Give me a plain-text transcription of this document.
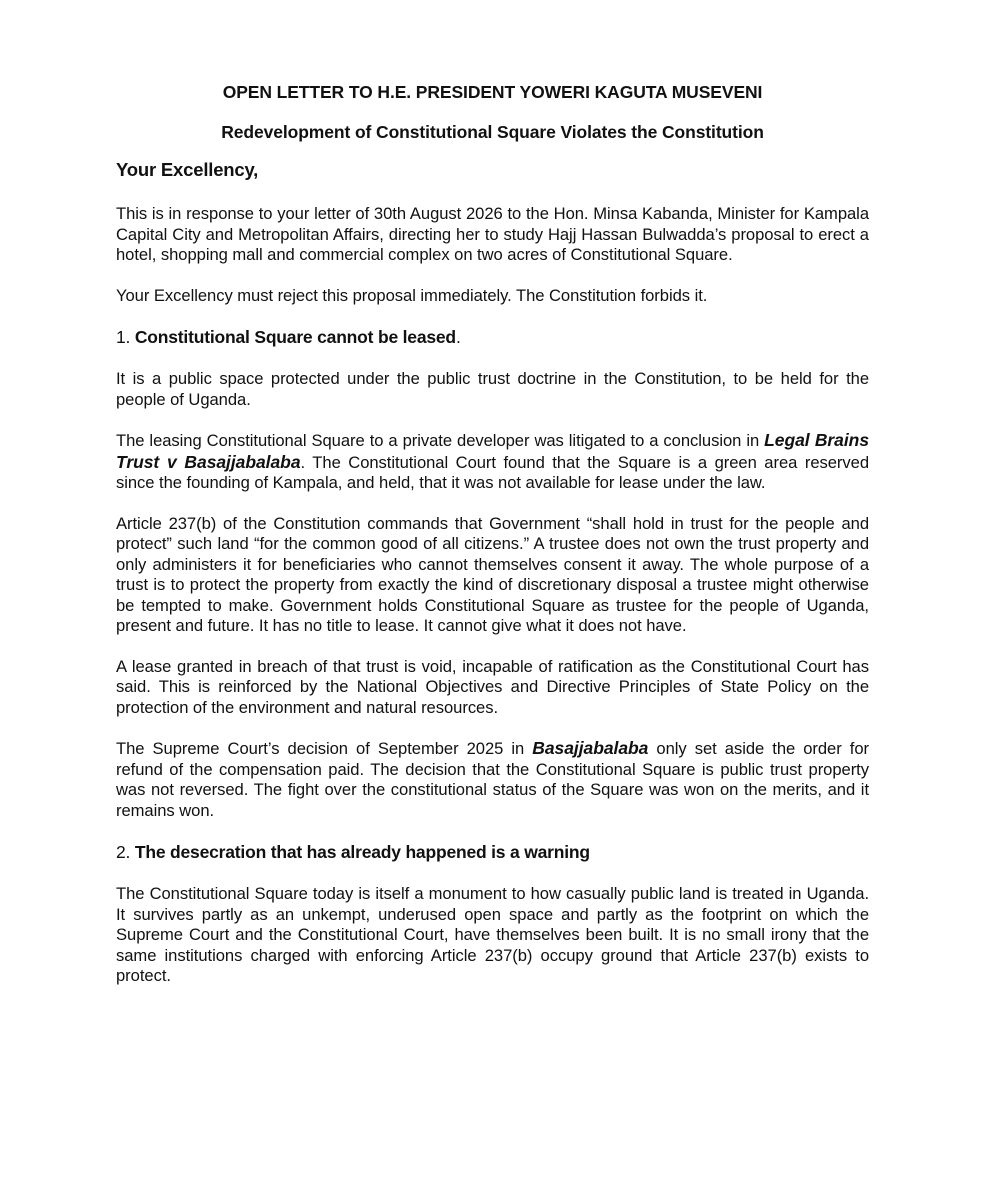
OPEN LETTER TO H.E. PRESIDENT YOWERI KAGUTA MUSEVENI
Redevelopment of Constitutional Square Violates the Constitution
Your Excellency,

This is in response to your letter of 30th August 2026 to the Hon. Minsa Kabanda, Minister for Kampala Capital City and Metropolitan Affairs, directing her to study Hajj Hassan Bulwadda’s proposal to erect a hotel, shopping mall and commercial complex on two acres of Constitutional Square.

Your Excellency must reject this proposal immediately. The Constitution forbids it.

1. Constitutional Square cannot be leased.

It is a public space protected under the public trust doctrine in the Constitution, to be held for the people of Uganda.

The leasing Constitutional Square to a private developer was litigated to a conclusion in Legal Brains Trust v Basajjabalaba. The Constitutional Court found that the Square is a green area reserved since the founding of Kampala, and held, that it was not available for lease under the law.

Article 237(b) of the Constitution commands that Government “shall hold in trust for the people and protect” such land “for the common good of all citizens.” A trustee does not own the trust property and only administers it for beneficiaries who cannot themselves consent it away. The whole purpose of a trust is to protect the property from exactly the kind of discretionary disposal a trustee might otherwise be tempted to make. Government holds Constitutional Square as trustee for the people of Uganda, present and future. It has no title to lease. It cannot give what it does not have.

A lease granted in breach of that trust is void, incapable of ratification as the Constitutional Court has said. This is reinforced by the National Objectives and Directive Principles of State Policy on the protection of the environment and natural resources.

The Supreme Court’s decision of September 2025 in Basajjabalaba only set aside the order for refund of the compensation paid. The decision that the Constitutional Square is public trust property was not reversed. The fight over the constitutional status of the Square was won on the merits, and it remains won.

2. The desecration that has already happened is a warning

The Constitutional Square today is itself a monument to how casually public land is treated in Uganda. It survives partly as an unkempt, underused open space and partly as the footprint on which the Supreme Court and the Constitutional Court, have themselves been built. It is no small irony that the same institutions charged with enforcing Article 237(b) occupy ground that Article 237(b) exists to protect.
